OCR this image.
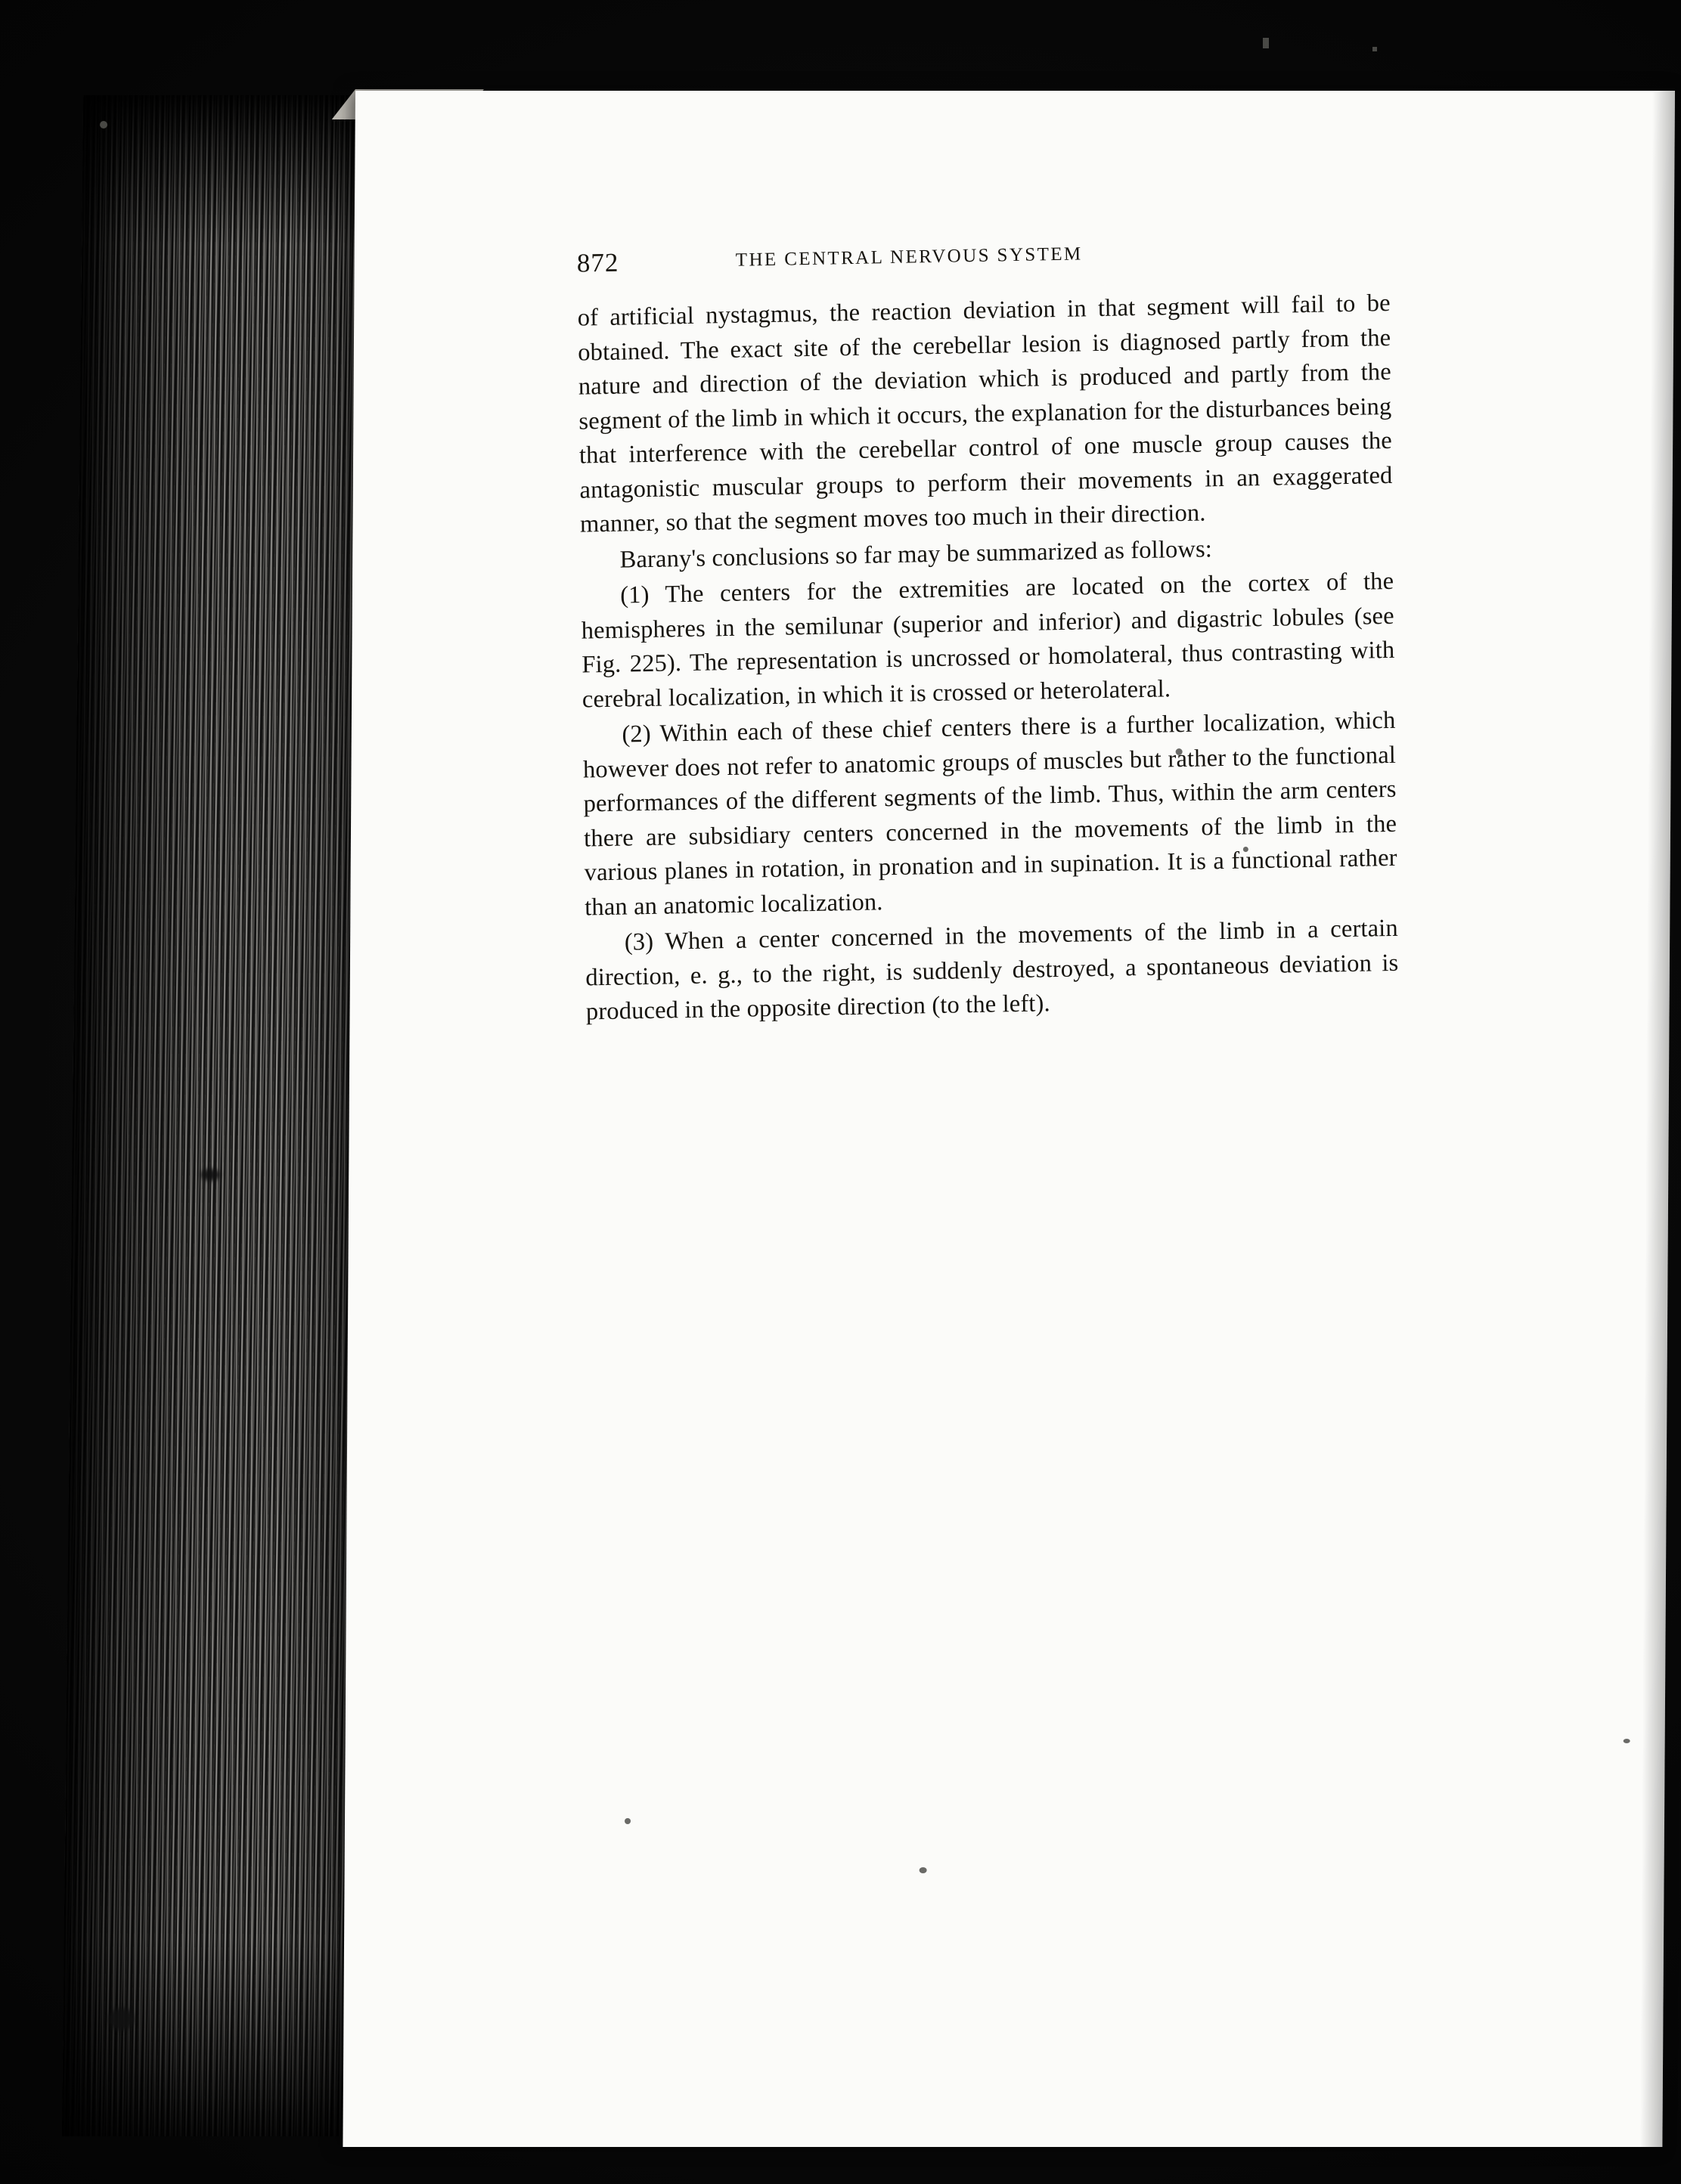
872	THE CENTRAL NERVOUS SYSTEM

of artificial nystagmus, the reaction deviation in that segment will fail to be obtained. The exact site of the cerebellar lesion is diagnosed partly from the nature and direction of the deviation which is produced and partly from the segment of the limb in which it occurs, the explanation for the disturbances being that interference with the cerebellar control of one muscle group causes the antagonistic muscular groups to perform their movements in an exaggerated manner, so that the segment moves too much in their direction.

Barany's conclusions so far may be summarized as follows:

(1) The centers for the extremities are located on the cortex of the hemispheres in the semilunar (superior and inferior) and digastric lobules (see Fig. 225). The representation is uncrossed or homolateral, thus contrasting with cerebral localization, in which it is crossed or heterolateral.

(2) Within each of these chief centers there is a further localization, which however does not refer to anatomic groups of muscles but rather to the functional performances of the different segments of the limb. Thus, within the arm centers there are subsidiary centers concerned in the movements of the limb in the various planes in rotation, in pronation and in supination. It is a functional rather than an anatomic localization.

(3) When a center concerned in the movements of the limb in a certain direction, e. g., to the right, is suddenly destroyed, a spontaneous deviation is produced in the opposite direction (to the left).
